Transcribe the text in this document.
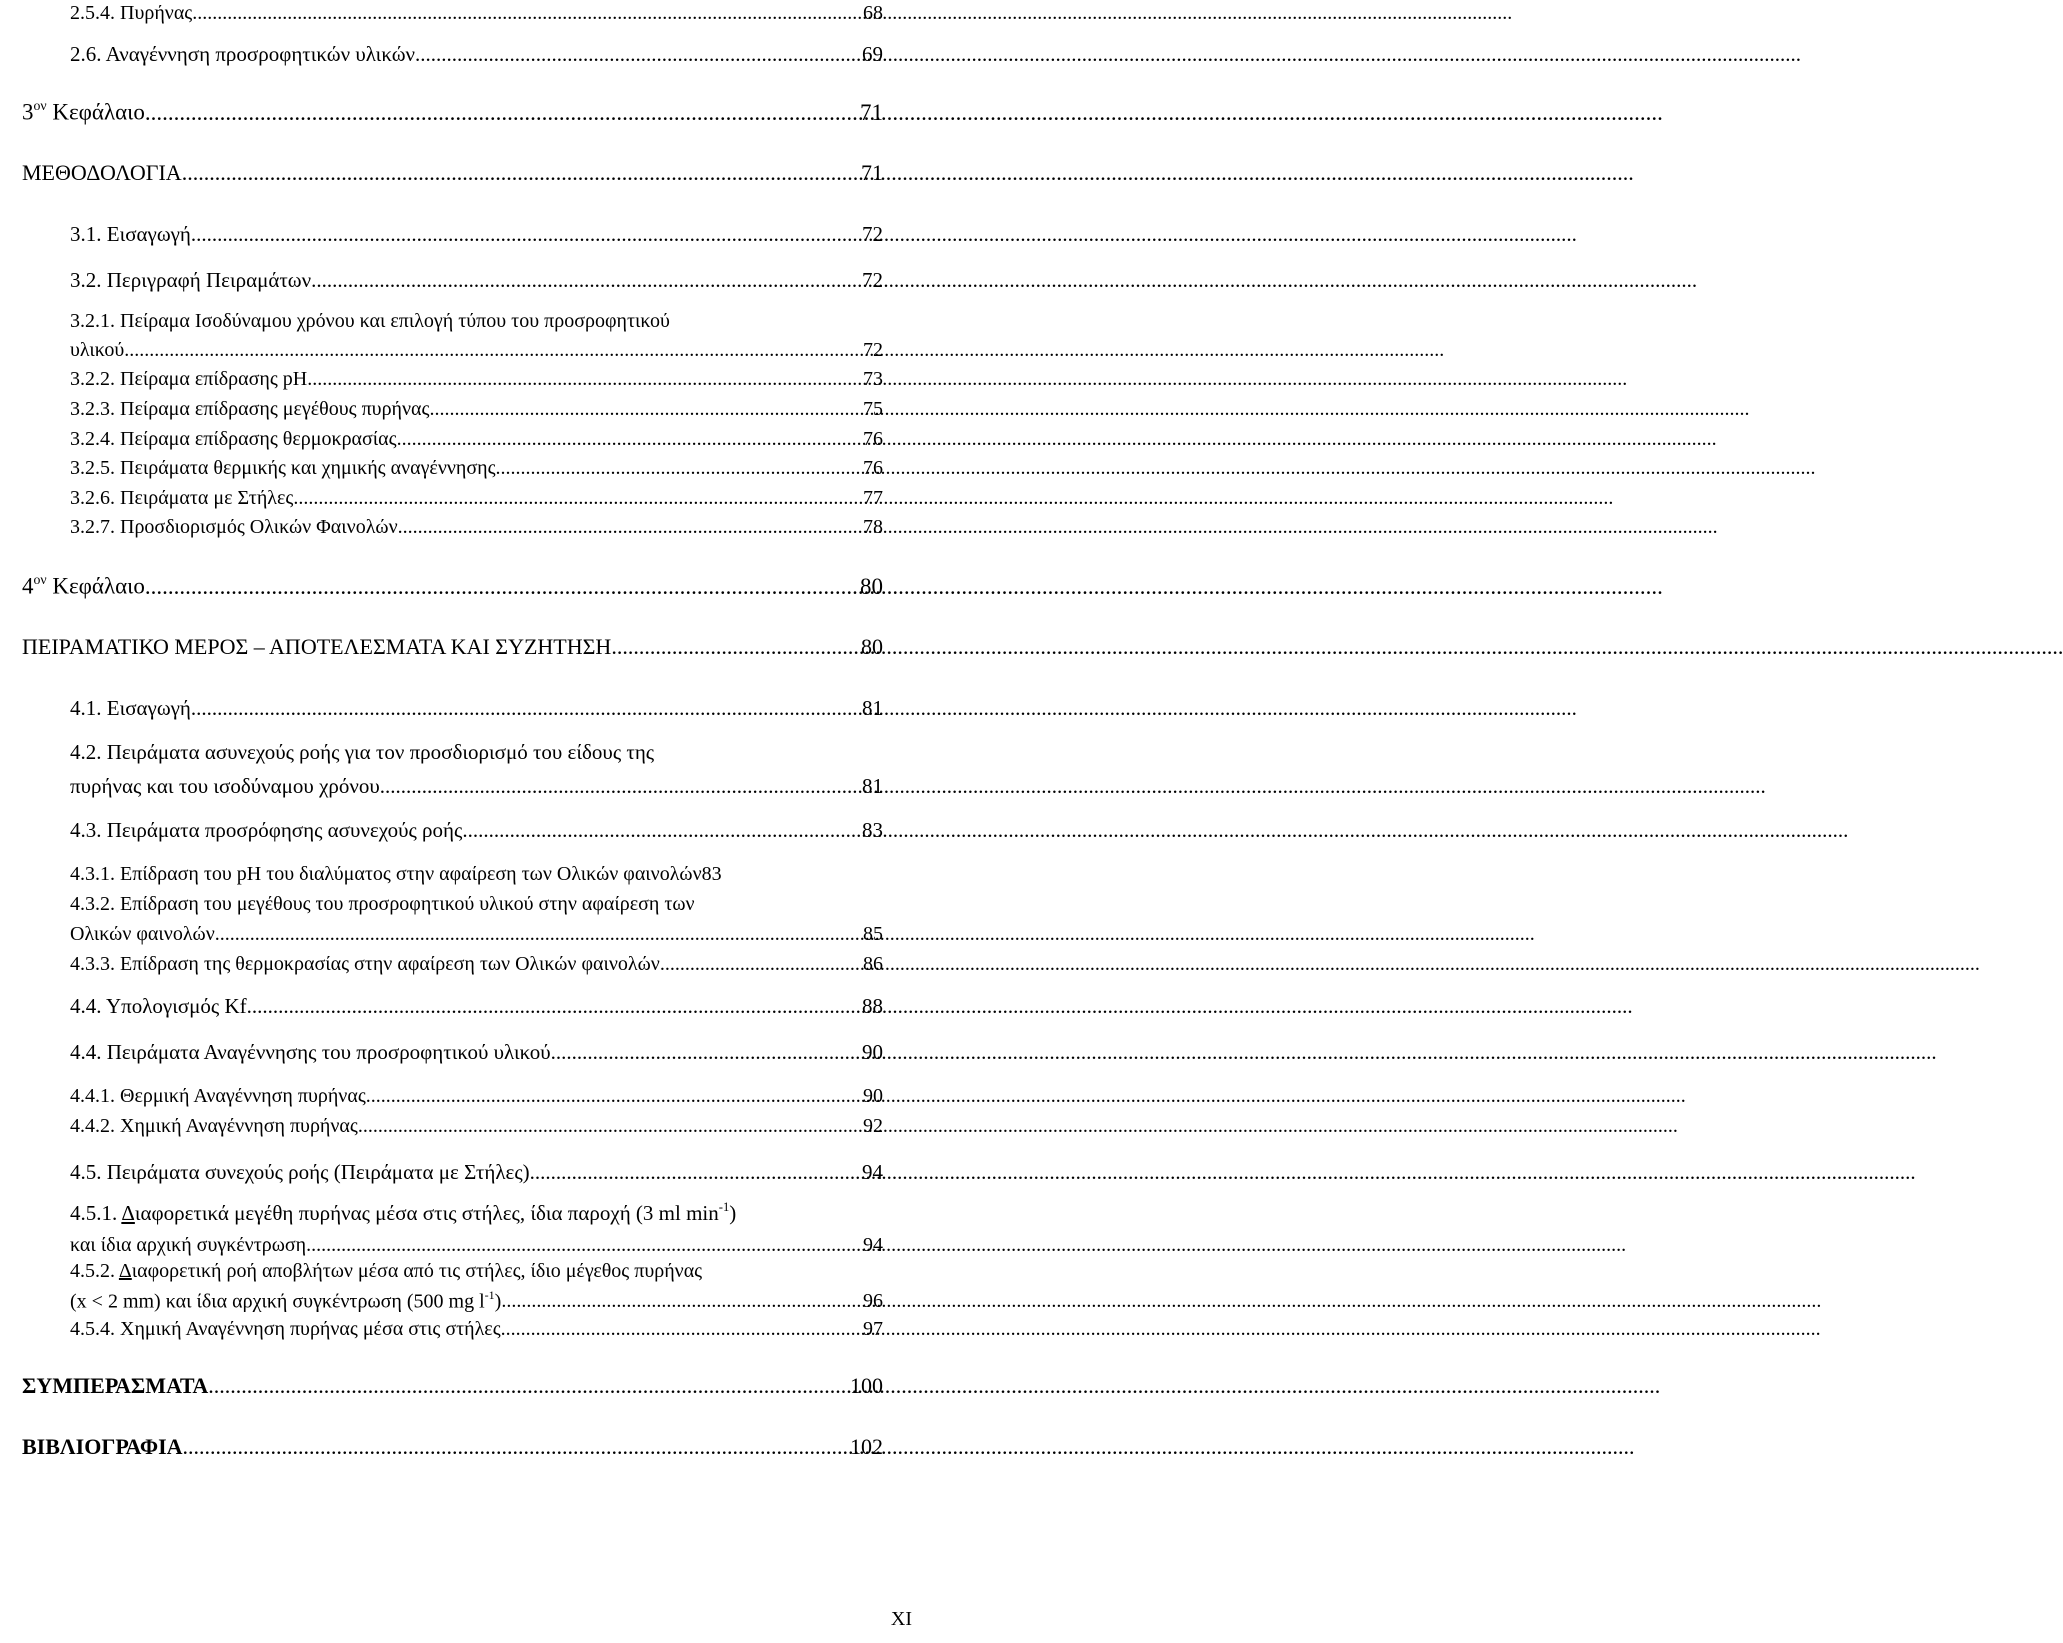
2.5.4. Πυρήνας .....	68
2.6. Αναγέννηση προσροφητικών υλικών .....	69
$3^{o\nu}$ Κεφάλαιο .....	71
ΜΕΘΟΔΟΛΟΓΙΑ .....	71
3.1. Εισαγωγή .....	72
3.2. Περιγραφή Πειραμάτων .....	72
3.2.1. Πείραμα Ισοδύναμου χρόνου και επιλογή τύπου του προσροφητικού
υλικού .....	72
3.2.2. Πείραμα επίδρασης pH .....	73
3.2.3. Πείραμα επίδρασης μεγέθους πυρήνας .....	75
3.2.4. Πείραμα επίδρασης θερμοκρασίας .....	76
3.2.5. Πειράματα θερμικής και χημικής αναγέννησης .....	76
3.2.6. Πειράματα με Στήλες .....	77
3.2.7. Προσδιορισμός Ολικών Φαινολών .....	78
$4^{o\nu}$ Κεφάλαιο .....	80
ΠΕΙΡΑΜΑΤΙΚΟ ΜΕΡΟΣ – ΑΠΟΤΕΛΕΣΜΑΤΑ ΚΑΙ ΣΥΖΗΤΗΣΗ .....	80
4.1. Εισαγωγή .....	81
4.2. Πειράματα ασυνεχούς ροής για τον προσδιορισμό του είδους της
πυρήνας και του ισοδύναμου χρόνου .....	81
4.3. Πειράματα προσρόφησης ασυνεχούς ροής .....	83
4.3.1. Επίδραση του pH του διαλύματος στην αφαίρεση των Ολικών φαινολών 83
4.3.2. Επίδραση του μεγέθους του προσροφητικού υλικού στην αφαίρεση των
Ολικών φαινολών .....	85
4.3.3. Επίδραση της θερμοκρασίας στην αφαίρεση των Ολικών φαινολών .....	86
4.4. Υπολογισμός Kf .....	88
4.4. Πειράματα Αναγέννησης του προσροφητικού υλικού .....	90
4.4.1. Θερμική Αναγέννηση πυρήνας .....	90
4.4.2. Χημική Αναγέννηση πυρήνας .....	92
4.5. Πειράματα συνεχούς ροής (Πειράματα με Στήλες) .....	94
4.5.1. Διαφορετικά μεγέθη πυρήνας μέσα στις στήλες, ίδια παροχή (3 ml $\min^{-1}$)
και ίδια αρχική συγκέντρωση .....	94
4.5.2. Διαφορετική ροή αποβλήτων μέσα από τις στήλες, ίδιο μέγεθος πυρήνας
(x < 2 mm) και ίδια αρχική συγκέντρωση (500 mg $l^{-1}$) .....	96
4.5.4. Χημική Αναγέννηση πυρήνας μέσα στις στήλες .....	97
ΣΥΜΠΕΡΑΣΜΑΤΑ .....	100
ΒΙΒΛΙΟΓΡΑΦΙΑ .....	102
XI
